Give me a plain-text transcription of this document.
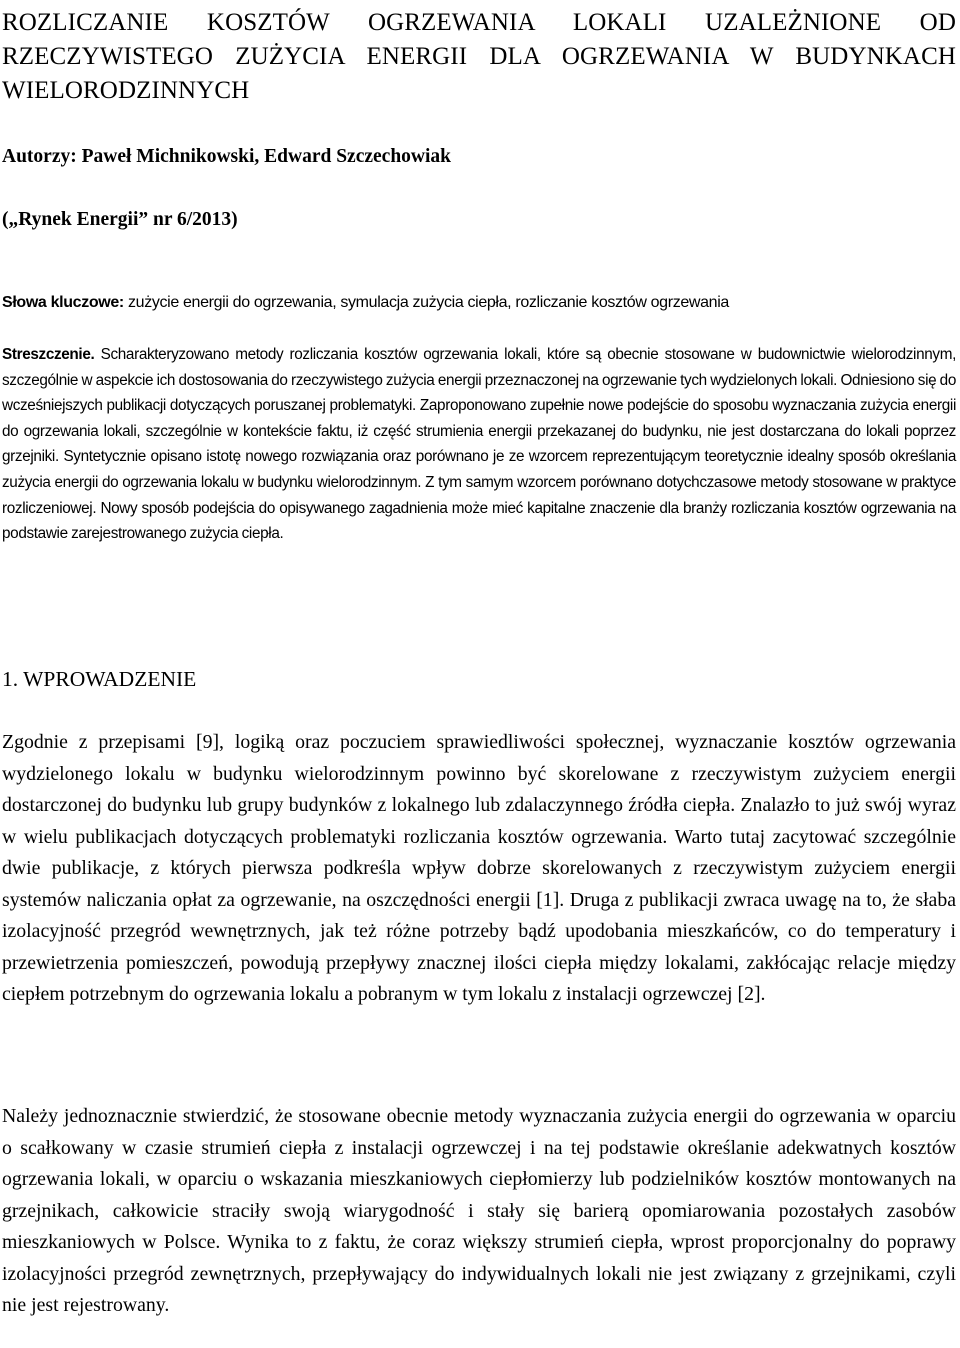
ROZLICZANIE KOSZTÓW OGRZEWANIA LOKALI UZALEŻNIONE OD RZECZYWISTEGO ZUŻYCIA ENERGII DLA OGRZEWANIA W BUDYNKACH WIELORODZINNYCH
Autorzy: Paweł Michnikowski, Edward Szczechowiak
(„Rynek Energii” nr 6/2013)
Słowa kluczowe: zużycie energii do ogrzewania, symulacja zużycia ciepła, rozliczanie kosztów ogrzewania

Streszczenie. Scharakteryzowano metody rozliczania kosztów ogrzewania lokali, które są obecnie stosowane w budownictwie wielorodzinnym, szczególnie w aspekcie ich dostosowania do rzeczywistego zużycia energii przeznaczonej na ogrzewanie tych wydzielonych lokali. Odniesiono się do wcześniejszych publikacji dotyczących poruszanej problematyki. Zaproponowano zupełnie nowe podejście do sposobu wyznaczania zużycia energii do ogrzewania lokali, szczególnie w kontekście faktu, iż część strumienia energii przekazanej do budynku, nie jest dostarczana do lokali poprzez grzejniki. Syntetycznie opisano istotę nowego rozwiązania oraz porównano je ze wzorcem reprezentującym teoretycznie idealny sposób określania zużycia energii do ogrzewania lokalu w budynku wielorodzinnym. Z tym samym wzorcem porównano dotychczasowe metody stosowane w praktyce rozliczeniowej. Nowy sposób podejścia do opisywanego zagadnienia może mieć kapitalne znaczenie dla branży rozliczania kosztów ogrzewania na podstawie zarejestrowanego zużycia ciepła.

1. WPROWADZENIE

Zgodnie z przepisami [9], logiką oraz poczuciem sprawiedliwości społecznej, wyznaczanie kosztów ogrzewania wydzielonego lokalu w budynku wielorodzinnym powinno być skorelowane z rzeczywistym zużyciem energii dostarczonej do budynku lub grupy budynków z lokalnego lub zdalaczynnego źródła ciepła. Znalazło to już swój wyraz w wielu publikacjach dotyczących problematyki rozliczania kosztów ogrzewania. Warto tutaj zacytować szczególnie dwie publikacje, z których pierwsza podkreśla wpływ dobrze skorelowanych z rzeczywistym zużyciem energii systemów naliczania opłat za ogrzewanie, na oszczędności energii [1]. Druga z publikacji zwraca uwagę na to, że słaba izolacyjność przegród wewnętrznych, jak też różne potrzeby bądź upodobania mieszkańców, co do temperatury i przewietrzenia pomieszczeń, powodują przepływy znacznej ilości ciepła między lokalami, zakłócając relacje między ciepłem potrzebnym do ogrzewania lokalu a pobranym w tym lokalu z instalacji ogrzewczej [2].

Należy jednoznacznie stwierdzić, że stosowane obecnie metody wyznaczania zużycia energii do ogrzewania w oparciu o scałkowany w czasie strumień ciepła z instalacji ogrzewczej i na tej podstawie określanie adekwatnych kosztów ogrzewania lokali, w oparciu o wskazania mieszkaniowych ciepłomierzy lub podzielników kosztów montowanych na grzejnikach, całkowicie straciły swoją wiarygodność i stały się barierą opomiarowania pozostałych zasobów mieszkaniowych w Polsce. Wynika to z faktu, że coraz większy strumień ciepła, wprost proporcjonalny do poprawy izolacyjności przegród zewnętrznych, przepływający do indywidualnych lokali nie jest związany z grzejnikami, czyli nie jest rejestrowany.
